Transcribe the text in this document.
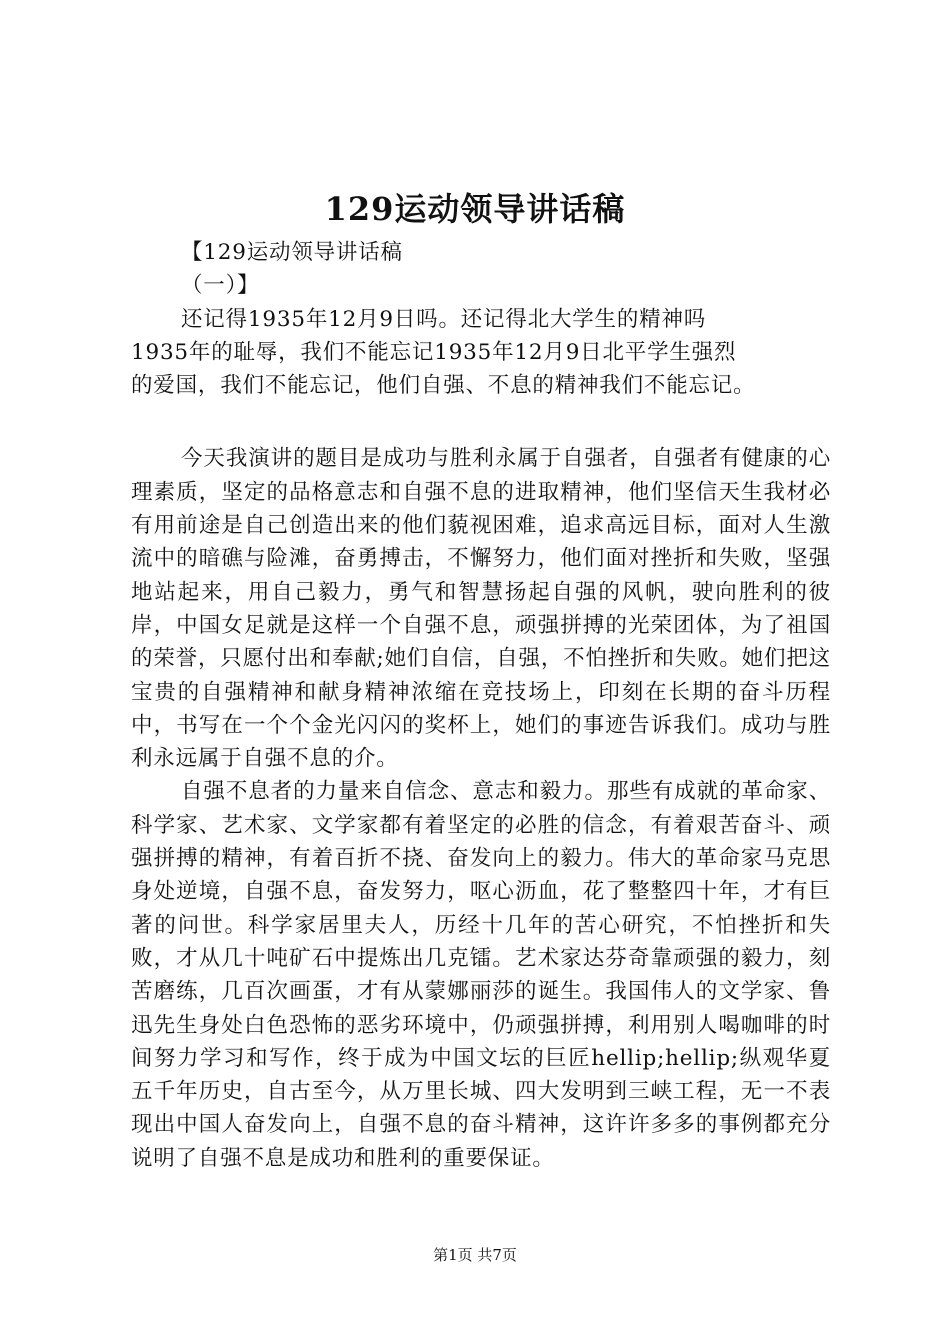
129运动领导讲话稿
【129运动领导讲话稿
（一）】
还记得1935年12月9日吗。还记得北大学生的精神吗
1935年的耻辱，我们不能忘记1935年12月9日北平学生强烈
的爱国，我们不能忘记，他们自强、不息的精神我们不能忘记。

今天我演讲的题目是成功与胜利永属于自强者，自强者有健康的心理素质，坚定的品格意志和自强不息的进取精神，他们坚信天生我材必有用前途是自己创造出来的他们藐视困难，追求高远目标，面对人生激流中的暗礁与险滩，奋勇搏击，不懈努力，他们面对挫折和失败，坚强地站起来，用自己毅力，勇气和智慧扬起自强的风帆，驶向胜利的彼岸，中国女足就是这样一个自强不息，顽强拼搏的光荣团体，为了祖国的荣誉，只愿付出和奉献;她们自信，自强，不怕挫折和失败。她们把这宝贵的自强精神和献身精神浓缩在竞技场上，印刻在长期的奋斗历程中，书写在一个个金光闪闪的奖杯上，她们的事迹告诉我们。成功与胜利永远属于自强不息的介。

自强不息者的力量来自信念、意志和毅力。那些有成就的革命家、科学家、艺术家、文学家都有着坚定的必胜的信念，有着艰苦奋斗、顽强拼搏的精神，有着百折不挠、奋发向上的毅力。伟大的革命家马克思身处逆境，自强不息，奋发努力，呕心沥血，花了整整四十年，才有巨著的问世。科学家居里夫人，历经十几年的苦心研究，不怕挫折和失败，才从几十吨矿石中提炼出几克镭。艺术家达芬奇靠顽强的毅力，刻苦磨练，几百次画蛋，才有从蒙娜丽莎的诞生。我国伟人的文学家、鲁迅先生身处白色恐怖的恶劣环境中，仍顽强拼搏，利用别人喝咖啡的时间努力学习和写作，终于成为中国文坛的巨匠hellip;hellip;纵观华夏五千年历史，自古至今，从万里长城、四大发明到三峡工程，无一不表现出中国人奋发向上，自强不息的奋斗精神，这许许多多的事例都充分说明了自强不息是成功和胜利的重要保证。

第1页 共7页
